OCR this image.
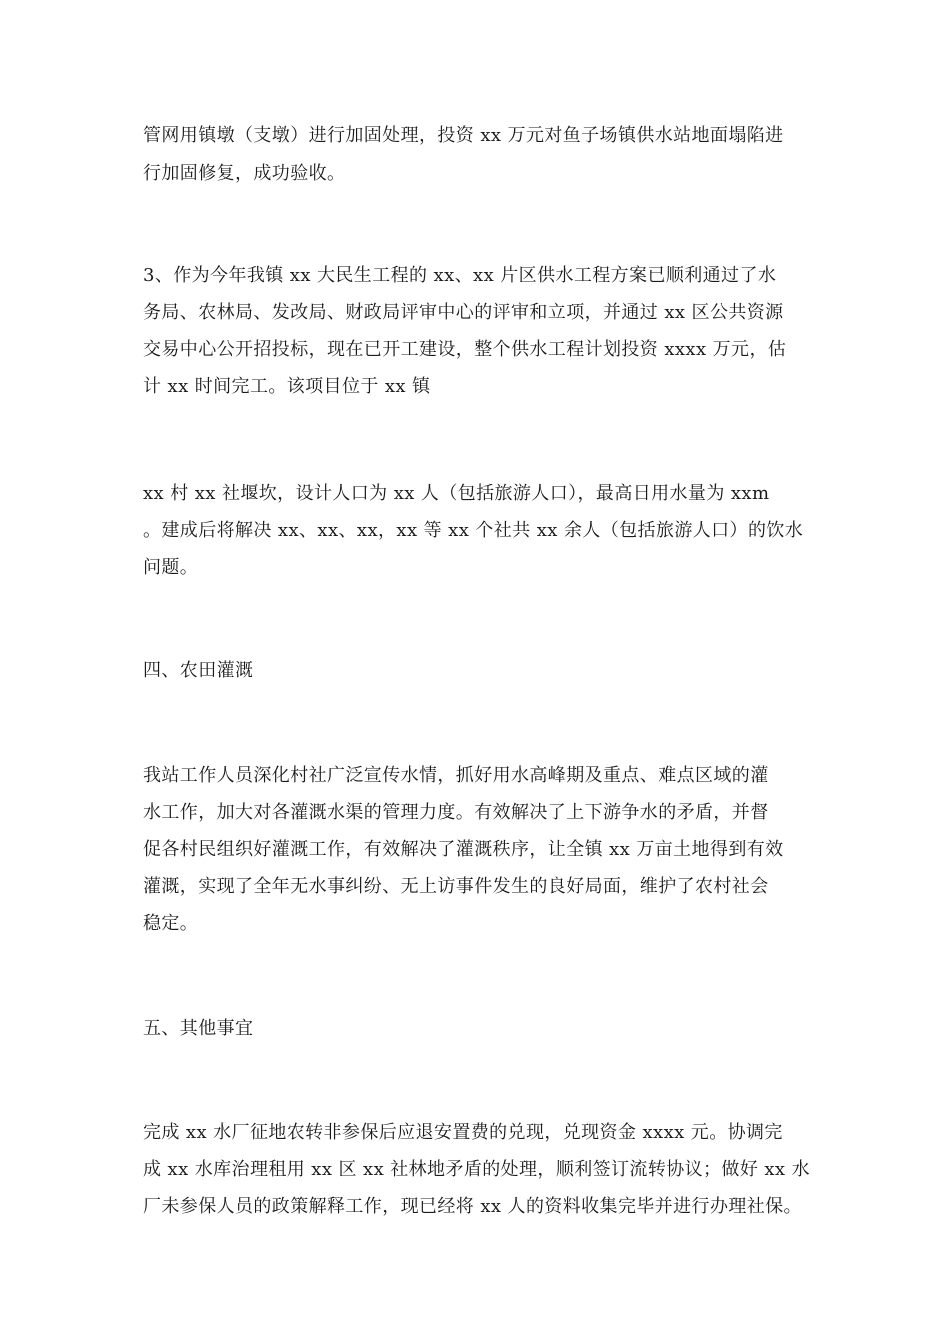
管网用镇墩（支墩）进行加固处理，投资 xx 万元对鱼子场镇供水站地面塌陷进
行加固修复，成功验收。
3、作为今年我镇 xx 大民生工程的 xx、xx 片区供水工程方案已顺利通过了水
务局、农林局、发改局、财政局评审中心的评审和立项，并通过 xx 区公共资源
交易中心公开招投标，现在已开工建设，整个供水工程计划投资 xxxx 万元，估
计 xx 时间完工。该项目位于 xx 镇
xx 村 xx 社堰坎，设计人口为 xx 人（包括旅游人口），最高日用水量为 xxm
。建成后将解决 xx、xx、xx，xx 等 xx 个社共 xx 余人（包括旅游人口）的饮水
问题。
四、农田灌溉
我站工作人员深化村社广泛宣传水情，抓好用水高峰期及重点、难点区域的灌
水工作，加大对各灌溉水渠的管理力度。有效解决了上下游争水的矛盾，并督
促各村民组织好灌溉工作，有效解决了灌溉秩序，让全镇 xx 万亩土地得到有效
灌溉，实现了全年无水事纠纷、无上访事件发生的良好局面，维护了农村社会
稳定。
五、其他事宜
完成 xx 水厂征地农转非参保后应退安置费的兑现，兑现资金 xxxx 元。协调完
成 xx 水库治理租用 xx 区 xx 社林地矛盾的处理，顺利签订流转协议；做好 xx 水
厂未参保人员的政策解释工作，现已经将 xx 人的资料收集完毕并进行办理社保。
